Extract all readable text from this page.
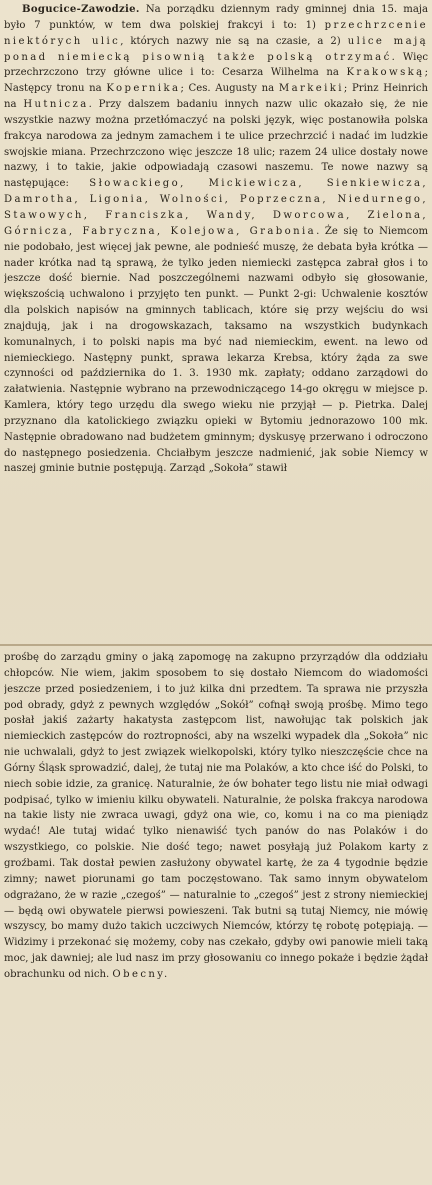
Bogucice-Zawodzie. Na porządku dziennym rady gminnej dnia 15. maja było 7 punktów, w tem dwa polskiej frakcyi i to: 1) przechrzcenie niektórych ulic, których nazwy nie są na czasie, a 2) ulice mają ponad niemiecką pisownią także polską otrzymać. Więc przechrzczono trzy główne ulice i to: Cesarza Wilhelma na Krakowską; Następcy tronu na Kopernika; Ces. Augusty na Markeiki; Prinz Heinrich na Hutnicza. Przy dalszem badaniu innych nazw ulic okazało się, że nie wszystkie nazwy można przetłómaczyć na polski język, więc postanowiła polska frakcya narodowa za jednym zamachem i te ulice przechrzcić i nadać im ludzkie swojskie miana. Przechrzczono więc jeszcze 18 ulic; razem 24 ulice dostały nowe nazwy, i to takie, jakie odpowiadają czasowi naszemu. Te nowe nazwy są następujące: Słowackiego, Mickiewicza, Sienkiewicza, Damrotha, Ligonia, Wolności, Poprzeczna, Niedurnego, Stawowych, Franciszka, Wandy, Dworcowa, Zielona, Górnicza, Fabryczna, Kolejowa, Grabonia. Że się to Niemcom nie podobało, jest więcej jak pewne, ale podnieść muszę, że debata była krótka — nader krótka nad tą sprawą, że tylko jeden niemiecki zastępca zabrał głos i to jeszcze dość biernie. Nad poszczególnemi nazwami odbyło się głosowanie, większością uchwalono i przyjęto ten punkt. — Punkt 2-gi: Uchwalenie kosztów dla polskich napisów na gminnych tablicach, które się przy wejściu do wsi znajdują, jak i na drogowskazach, taksamo na wszystkich budynkach komunalnych, i to polski napis ma być nad niemieckim, ewent. na lewo od niemieckiego. Następny punkt, sprawa lekarza Krebsa, który żąda za swe czynności od października do 1. 3. 1930 mk. zapłaty; oddano zarządowi do załatwienia. Następnie wybrano na przewodniczącego 14-go okręgu w miejsce p. Kamlera, który tego urzędu dla swego wieku nie przyjął — p. Pietrka. Dalej przyznano dla katolickiego związku opieki w Bytomiu jednorazowo 100 mk. Następnie obradowano nad budżetem gminnym; dyskusyę przerwano i odroczono do następnego posiedzenia. Chciałbym jeszcze nadmienić, jak sobie Niemcy w naszej gminie butnie postępują. Zarząd „Sokoła” stawił

prośbę do zarządu gminy o jaką zapomogę na zakupno przyrządów dla oddziału chłopców. Nie wiem, jakim sposobem to się dostało Niemcom do wiadomości jeszcze przed posiedzeniem, i to już kilka dni przedtem. Ta sprawa nie przyszła pod obrady, gdyż z pewnych względów „Sokół” cofnął swoją prośbę. Mimo tego posłał jakiś zażarty hakatysta zastępcom list, nawołując tak polskich jak niemieckich zastępców do roztropności, aby na wszelki wypadek dla „Sokoła” nic nie uchwalali, gdyż to jest związek wielkopolski, który tylko nieszczęście chce na Górny Śląsk sprowadzić, dalej, że tutaj nie ma Polaków, a kto chce iść do Polski, to niech sobie idzie, za granicę. Naturalnie, że ów bohater tego listu nie miał odwagi podpisać, tylko w imieniu kilku obywateli. Naturalnie, że polska frakcya narodowa na takie listy nie zwraca uwagi, gdyż ona wie, co, komu i na co ma pieniądz wydać! Ale tutaj widać tylko nienawiść tych panów do nas Polaków i do wszystkiego, co polskie. Nie dość tego; nawet posyłają już Polakom karty z groźbami. Tak dostał pewien zasłużony obywatel kartę, że za 4 tygodnie będzie zimny; nawet piorunami go tam poczęstowano. Tak samo innym obywatelom odgrażano, że w razie „czegoś” — naturalnie to „czegoś” jest z strony niemieckiej — będą owi obywatele pierwsi powieszeni. Tak butni są tutaj Niemcy, nie mówię wszyscy, bo mamy dużo takich uczciwych Niemców, którzy tę robotę potępiają. — Widzimy i przekonać się możemy, coby nas czekało, gdyby owi panowie mieli taką moc, jak dawniej; ale lud nasz im przy głosowaniu co innego pokaże i będzie żądał obrachunku od nich. Obecny.
